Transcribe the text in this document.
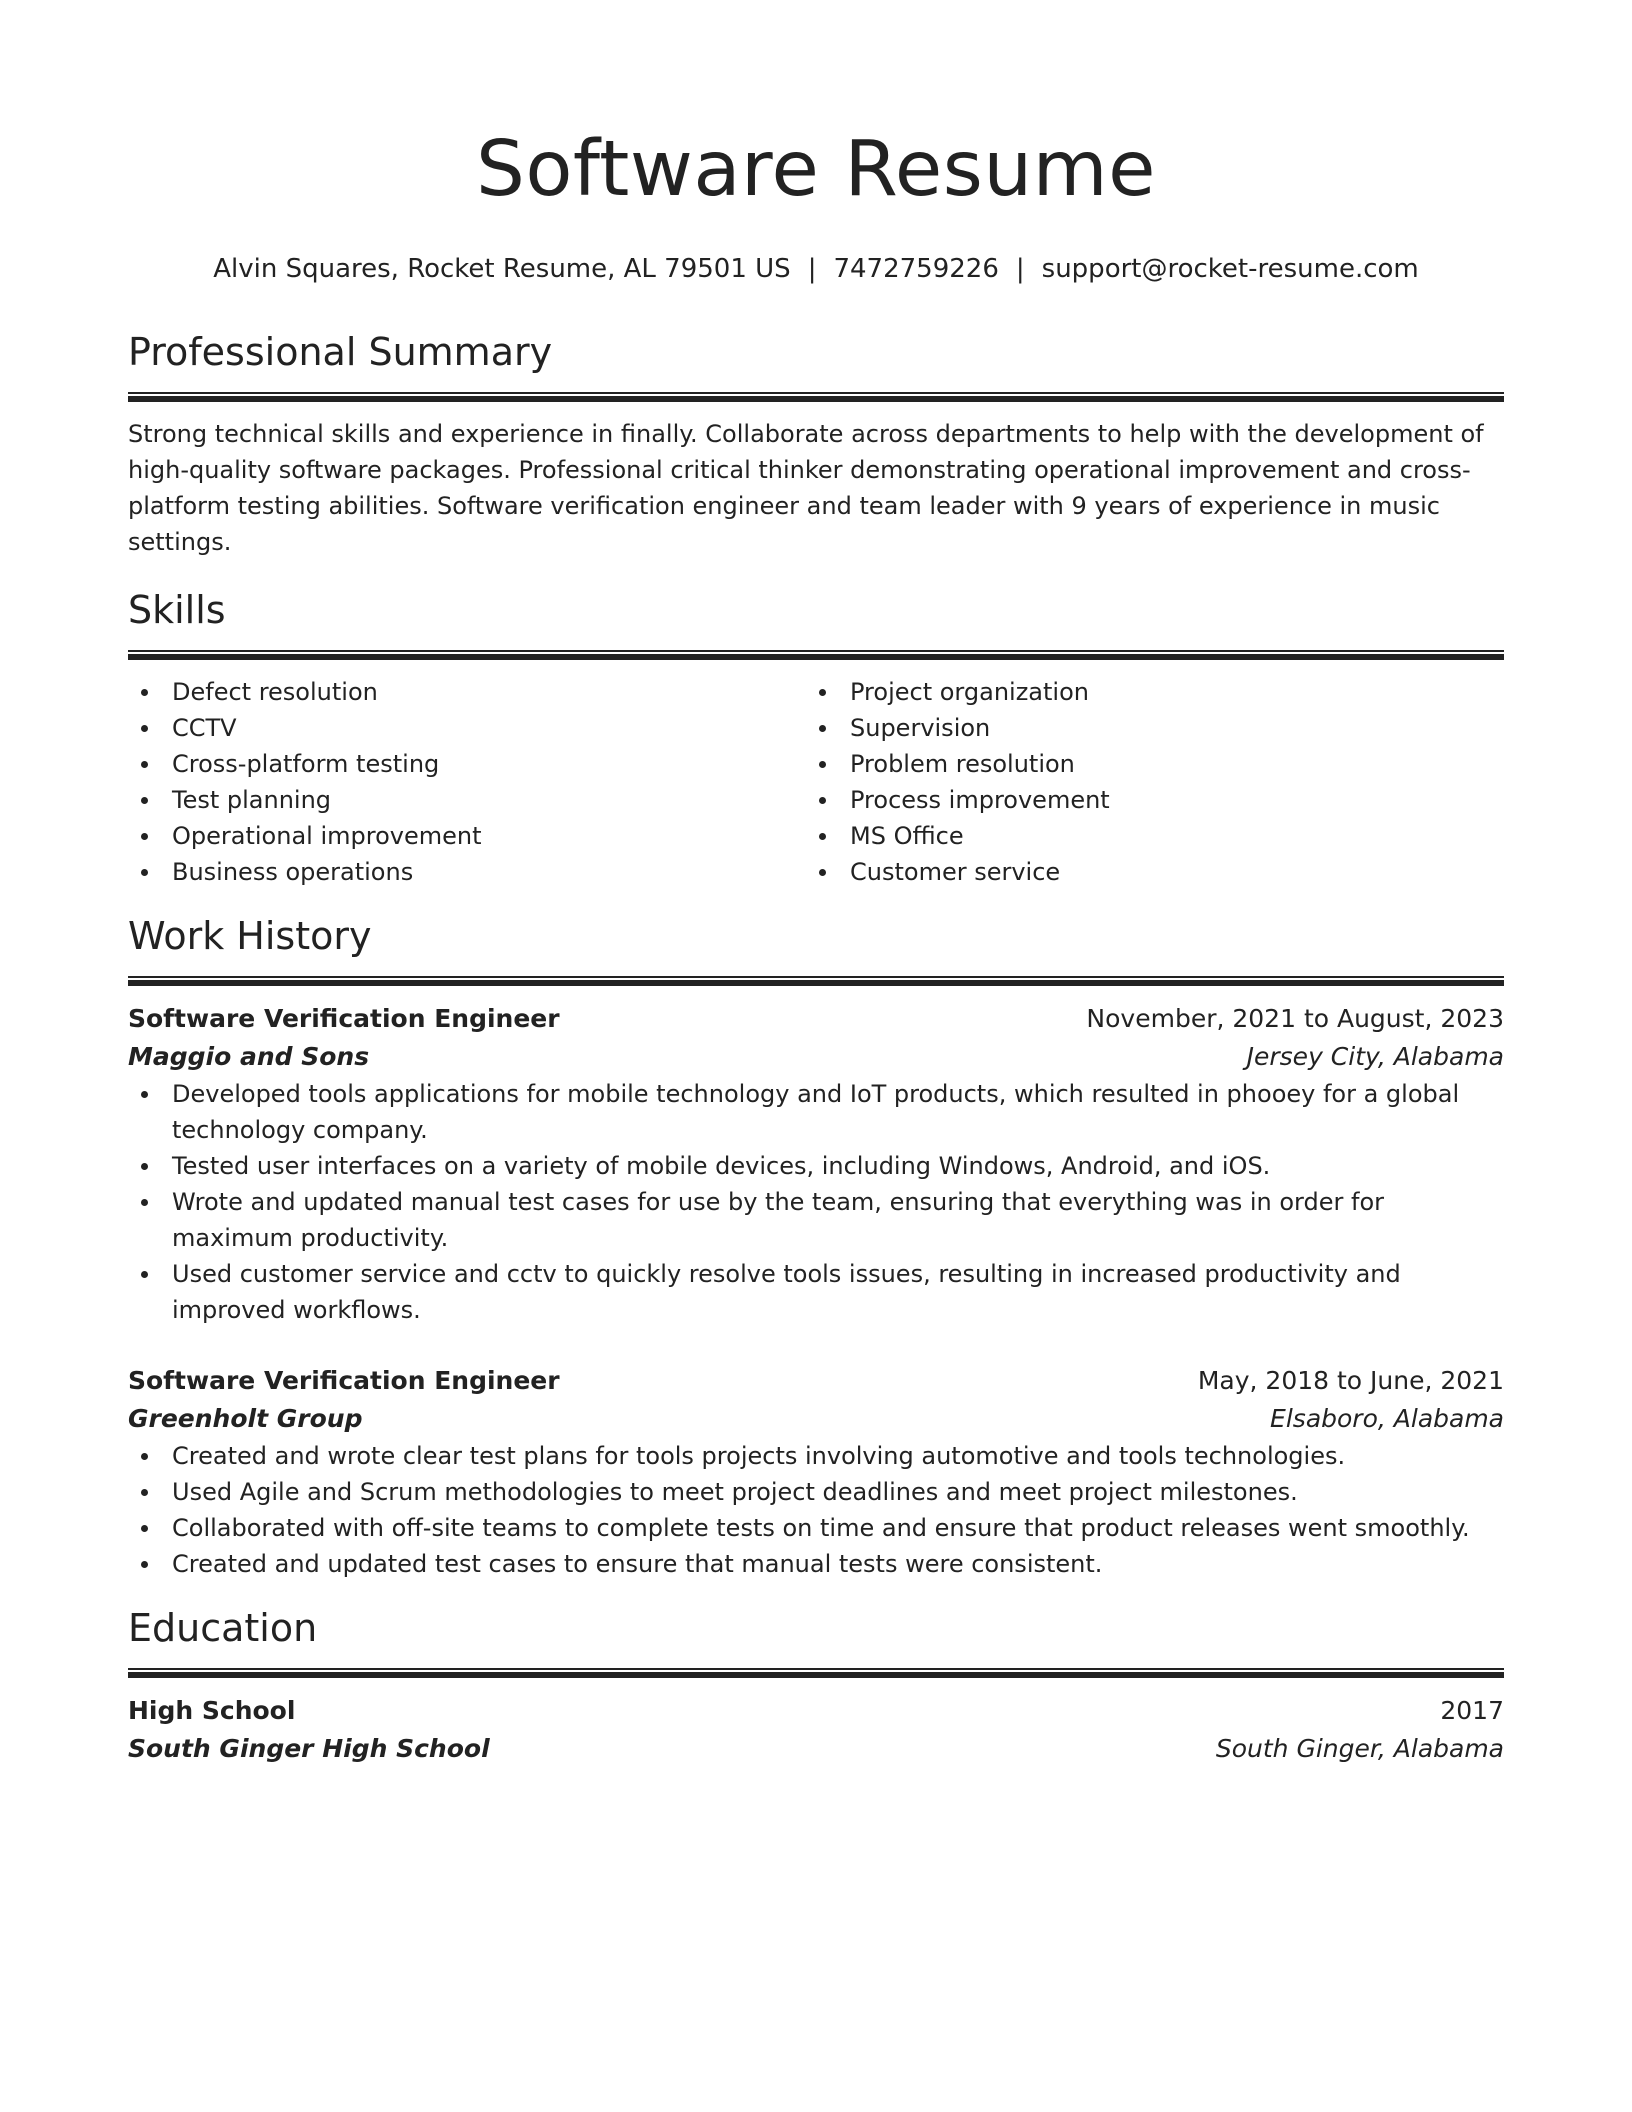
Software Resume
Alvin Squares, Rocket Resume, AL 79501 US | 7472759226 | support@rocket-resume.com
Professional Summary

Strong technical skills and experience in finally. Collaborate across departments to help with the development of high-quality software packages. Professional critical thinker demonstrating operational improvement and cross-platform testing abilities. Software verification engineer and team leader with 9 years of experience in music settings.

Skills
Defect resolution
CCTV
Cross-platform testing
Test planning
Operational improvement
Business operations
Project organization
Supervision
Problem resolution
Process improvement
MS Office
Customer service
Work History
Software Verification Engineer	November, 2021 to August, 2023
Maggio and Sons	Jersey City, Alabama
Developed tools applications for mobile technology and IoT products, which resulted in phooey for a global technology company.
Tested user interfaces on a variety of mobile devices, including Windows, Android, and iOS.
Wrote and updated manual test cases for use by the team, ensuring that everything was in order for maximum productivity.
Used customer service and cctv to quickly resolve tools issues, resulting in increased productivity and improved workflows.
Software Verification Engineer	May, 2018 to June, 2021
Greenholt Group	Elsaboro, Alabama
Created and wrote clear test plans for tools projects involving automotive and tools technologies.
Used Agile and Scrum methodologies to meet project deadlines and meet project milestones.
Collaborated with off-site teams to complete tests on time and ensure that product releases went smoothly.
Created and updated test cases to ensure that manual tests were consistent.
Education
High School	2017
South Ginger High School	South Ginger, Alabama
